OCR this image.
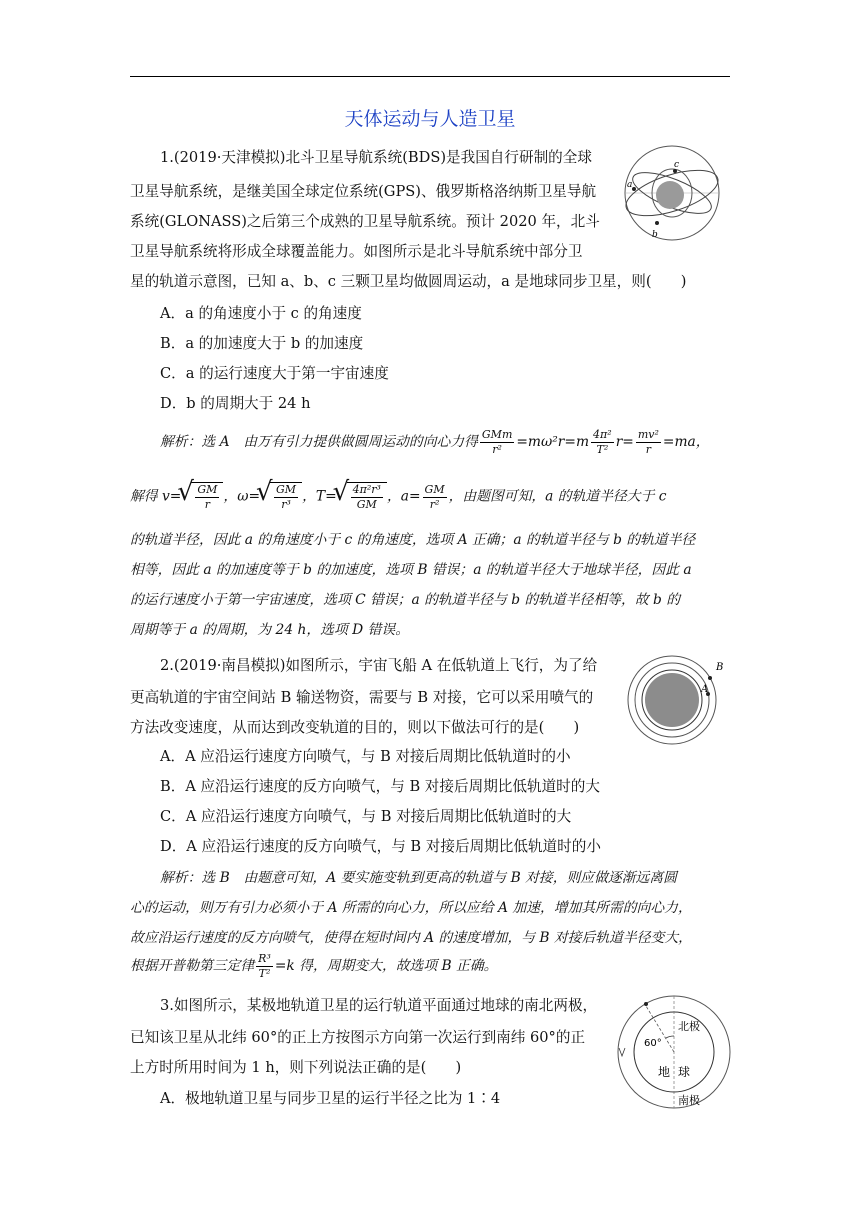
天体运动与人造卫星
1.(2019·天津模拟)北斗卫星导航系统(BDS)是我国自行研制的全球
卫星导航系统，是继美国全球定位系统(GPS)、俄罗斯格洛纳斯卫星导航
系统(GLONASS)之后第三个成熟的卫星导航系统。预计 2020 年，北斗
卫星导航系统将形成全球覆盖能力。如图所示是北斗导航系统中部分卫
星的轨道示意图，已知 a、b、c 三颗卫星均做圆周运动，a 是地球同步卫星，则(　　)
a
b
c
A．a 的角速度小于 c 的角速度
B．a 的加速度大于 b 的加速度
C．a 的运行速度大于第一宇宙速度
D．b 的周期大于 24 h
解析：选 A　由万有引力提供做圆周运动的向心力得 $\frac{\text{GMm}}{\text{r²}} =m\omega^2r=m \frac{\text{4π²}}{\text{T²}} r= \frac{\text{mv²}}{r} =ma$，
解得 v= √ $\frac{GM}{r}$ ，ω= √ $\frac{GM}{\text{r³}}$ ，T= √ $\frac{\text{4π²r³}}{GM}$ ，$a= \frac{GM}{\text{r²}}$ ，由题图可知，a 的轨道半径大于 c
的轨道半径，因此 a 的角速度小于 c 的角速度，选项 A 正确；a 的轨道半径与 b 的轨道半径
相等，因此 a 的加速度等于 b 的加速度，选项 B 错误；a 的轨道半径大于地球半径，因此 a
的运行速度小于第一宇宙速度，选项 C 错误；a 的轨道半径与 b 的轨道半径相等，故 b 的
周期等于 a 的周期，为 24 h，选项 D 错误。
2.(2019·南昌模拟)如图所示，宇宙飞船 A 在低轨道上飞行，为了给
更高轨道的宇宙空间站 B 输送物资，需要与 B 对接，它可以采用喷气的
方法改变速度，从而达到改变轨道的目的，则以下做法可行的是(　　)
B
A
A．A 应沿运行速度方向喷气，与 B 对接后周期比低轨道时的小
B．A 应沿运行速度的反方向喷气，与 B 对接后周期比低轨道时的大
C．A 应沿运行速度方向喷气，与 B 对接后周期比低轨道时的大
D．A 应沿运行速度的反方向喷气，与 B 对接后周期比低轨道时的小
解析：选 B　由题意可知，A 要实施变轨到更高的轨道与 B 对接，则应做逐渐远离圆
心的运动，则万有引力必须小于 A 所需的向心力，所以应给 A 加速，增加其所需的向心力，
故应沿运行速度的反方向喷气，使得在短时间内 A 的速度增加，与 B 对接后轨道半径变大，
根据开普勒第三定律 $\frac{\text{R³}}{\text{T²}} =k$ 得，周期变大，故选项 B 正确。
3.如图所示，某极地轨道卫星的运行轨道平面通过地球的南北两极，
已知该卫星从北纬 60°的正上方按图示方向第一次运行到南纬 60°的正
上方时所用时间为 1 h，则下列说法正确的是(　　)
A．极地轨道卫星与同步卫星的运行半径之比为 1∶4
北极
60°
地 球
南极
